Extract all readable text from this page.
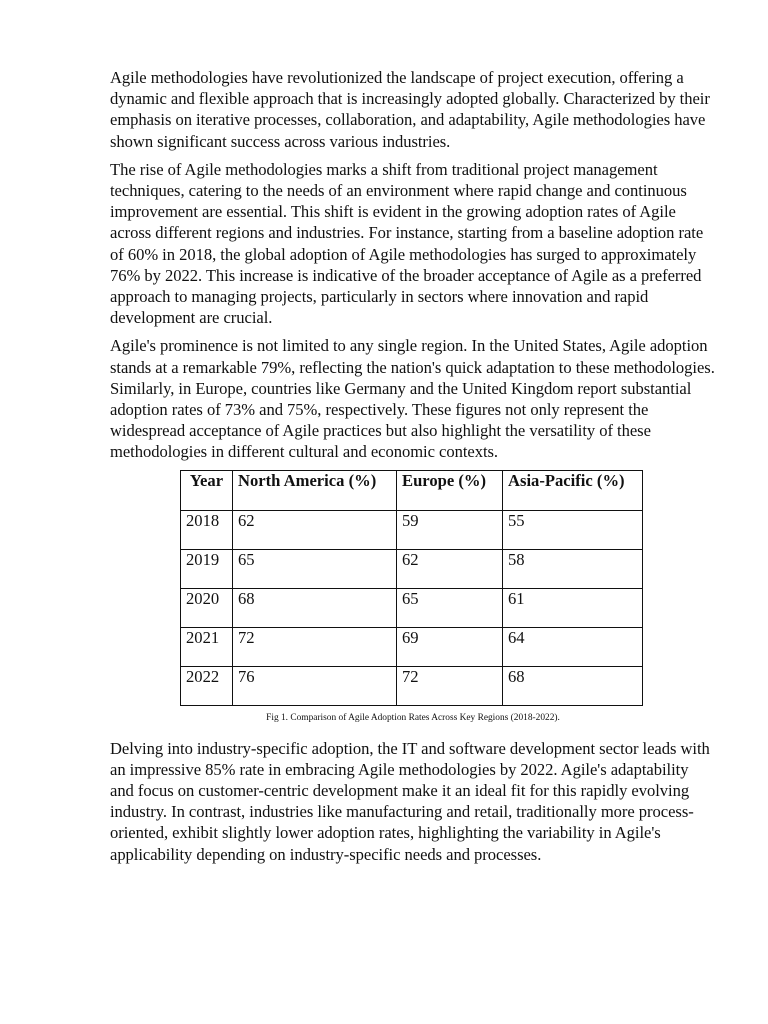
Agile methodologies have revolutionized the landscape of project execution, offering a dynamic and flexible approach that is increasingly adopted globally. Characterized by their emphasis on iterative processes, collaboration, and adaptability, Agile methodologies have shown significant success across various industries.

The rise of Agile methodologies marks a shift from traditional project management techniques, catering to the needs of an environment where rapid change and continuous improvement are essential. This shift is evident in the growing adoption rates of Agile across different regions and industries. For instance, starting from a baseline adoption rate of 60% in 2018, the global adoption of Agile methodologies has surged to approximately 76% by 2022. This increase is indicative of the broader acceptance of Agile as a preferred approach to managing projects, particularly in sectors where innovation and rapid development are crucial.

Agile's prominence is not limited to any single region. In the United States, Agile adoption stands at a remarkable 79%, reflecting the nation's quick adaptation to these methodologies. Similarly, in Europe, countries like Germany and the United Kingdom report substantial adoption rates of 73% and 75%, respectively. These figures not only represent the widespread acceptance of Agile practices but also highlight the versatility of these methodologies in different cultural and economic contexts.

Year	North America (%)	Europe (%)	Asia-Pacific (%)
2018	62	59	55
2019	65	62	58
2020	68	65	61
2021	72	69	64
2022	76	72	68
Fig 1. Comparison of Agile Adoption Rates Across Key Regions (2018-2022).

Delving into industry-specific adoption, the IT and software development sector leads with an impressive 85% rate in embracing Agile methodologies by 2022. Agile's adaptability and focus on customer-centric development make it an ideal fit for this rapidly evolving industry. In contrast, industries like manufacturing and retail, traditionally more process-oriented, exhibit slightly lower adoption rates, highlighting the variability in Agile's applicability depending on industry-specific needs and processes.
